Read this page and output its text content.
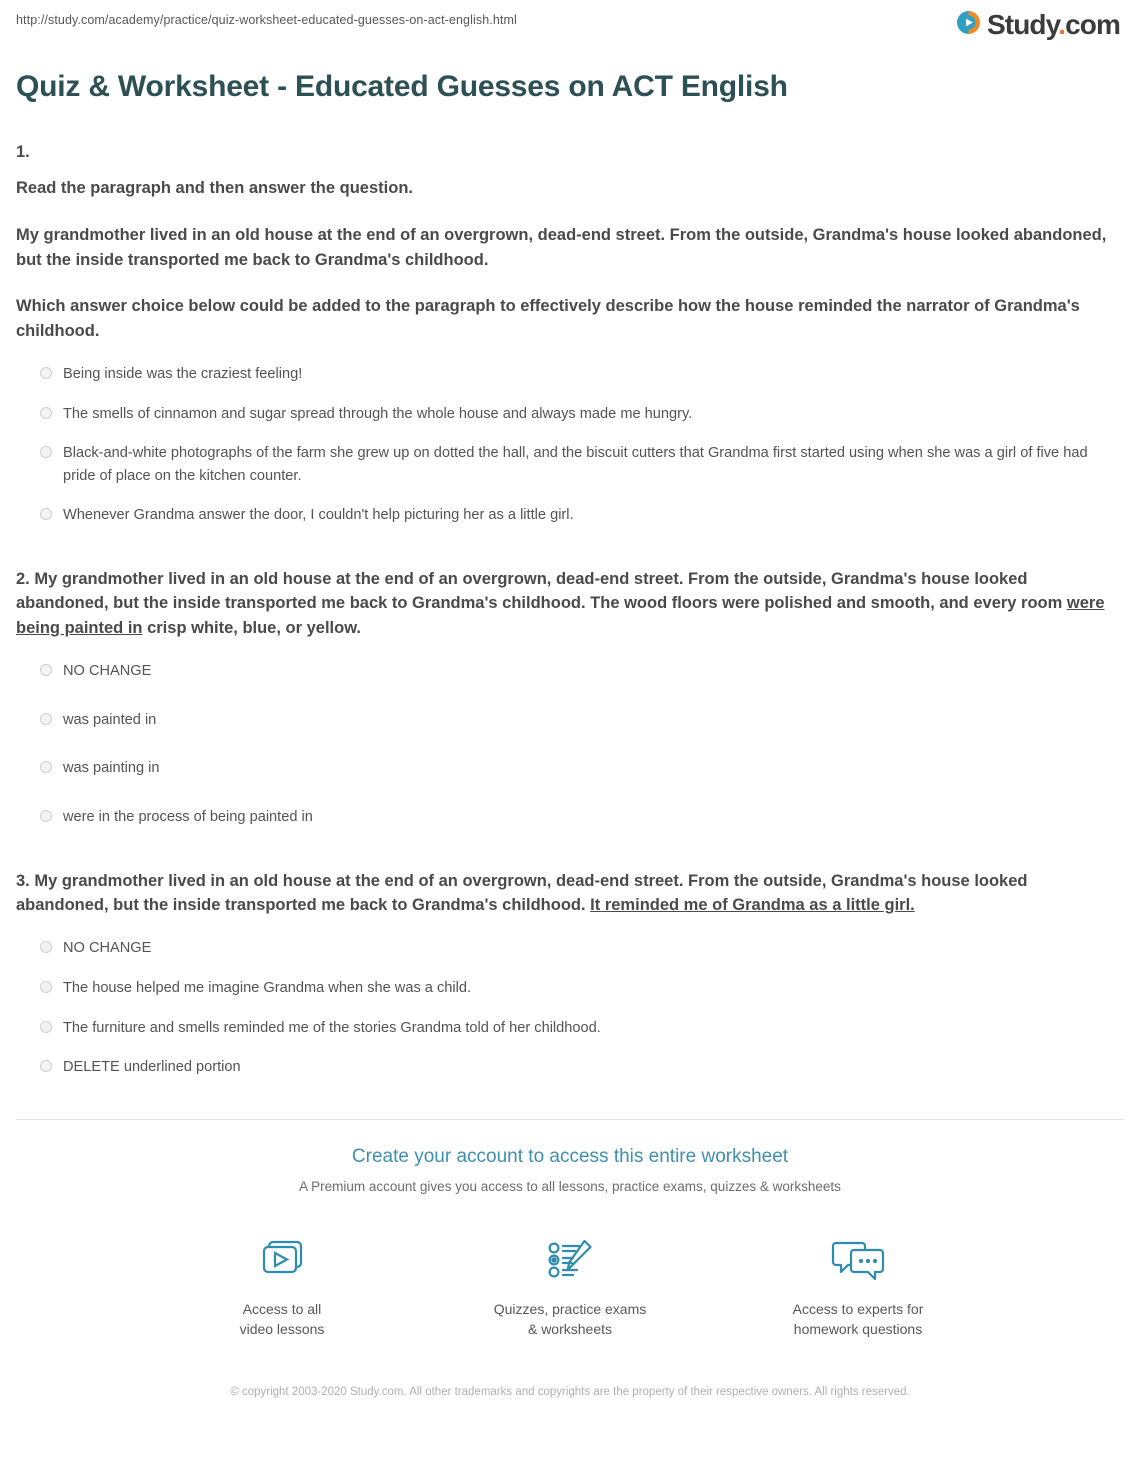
http://study.com/academy/practice/quiz-worksheet-educated-guesses-on-act-english.html	Study.com
Quiz & Worksheet - Educated Guesses on ACT English
1.
Read the paragraph and then answer the question.
My grandmother lived in an old house at the end of an overgrown, dead-end street. From the outside, Grandma's house looked abandoned, but the inside transported me back to Grandma's childhood.
Which answer choice below could be added to the paragraph to effectively describe how the house reminded the narrator of Grandma's childhood.
Being inside was the craziest feeling!
The smells of cinnamon and sugar spread through the whole house and always made me hungry.
Black-and-white photographs of the farm she grew up on dotted the hall, and the biscuit cutters that Grandma first started using when she was a girl of five had pride of place on the kitchen counter.
Whenever Grandma answer the door, I couldn't help picturing her as a little girl.
2. My grandmother lived in an old house at the end of an overgrown, dead-end street. From the outside, Grandma's house looked abandoned, but the inside transported me back to Grandma's childhood. The wood floors were polished and smooth, and every room were being painted in crisp white, blue, or yellow.
NO CHANGE
was painted in
was painting in
were in the process of being painted in
3. My grandmother lived in an old house at the end of an overgrown, dead-end street. From the outside, Grandma's house looked abandoned, but the inside transported me back to Grandma's childhood. It reminded me of Grandma as a little girl.
NO CHANGE
The house helped me imagine Grandma when she was a child.
The furniture and smells reminded me of the stories Grandma told of her childhood.
DELETE underlined portion
Create your account to access this entire worksheet
A Premium account gives you access to all lessons, practice exams, quizzes & worksheets
Access to all
video lessons
Quizzes, practice exams
& worksheets
Access to experts for
homework questions
© copyright 2003-2020 Study.com. All other trademarks and copyrights are the property of their respective owners. All rights reserved.
